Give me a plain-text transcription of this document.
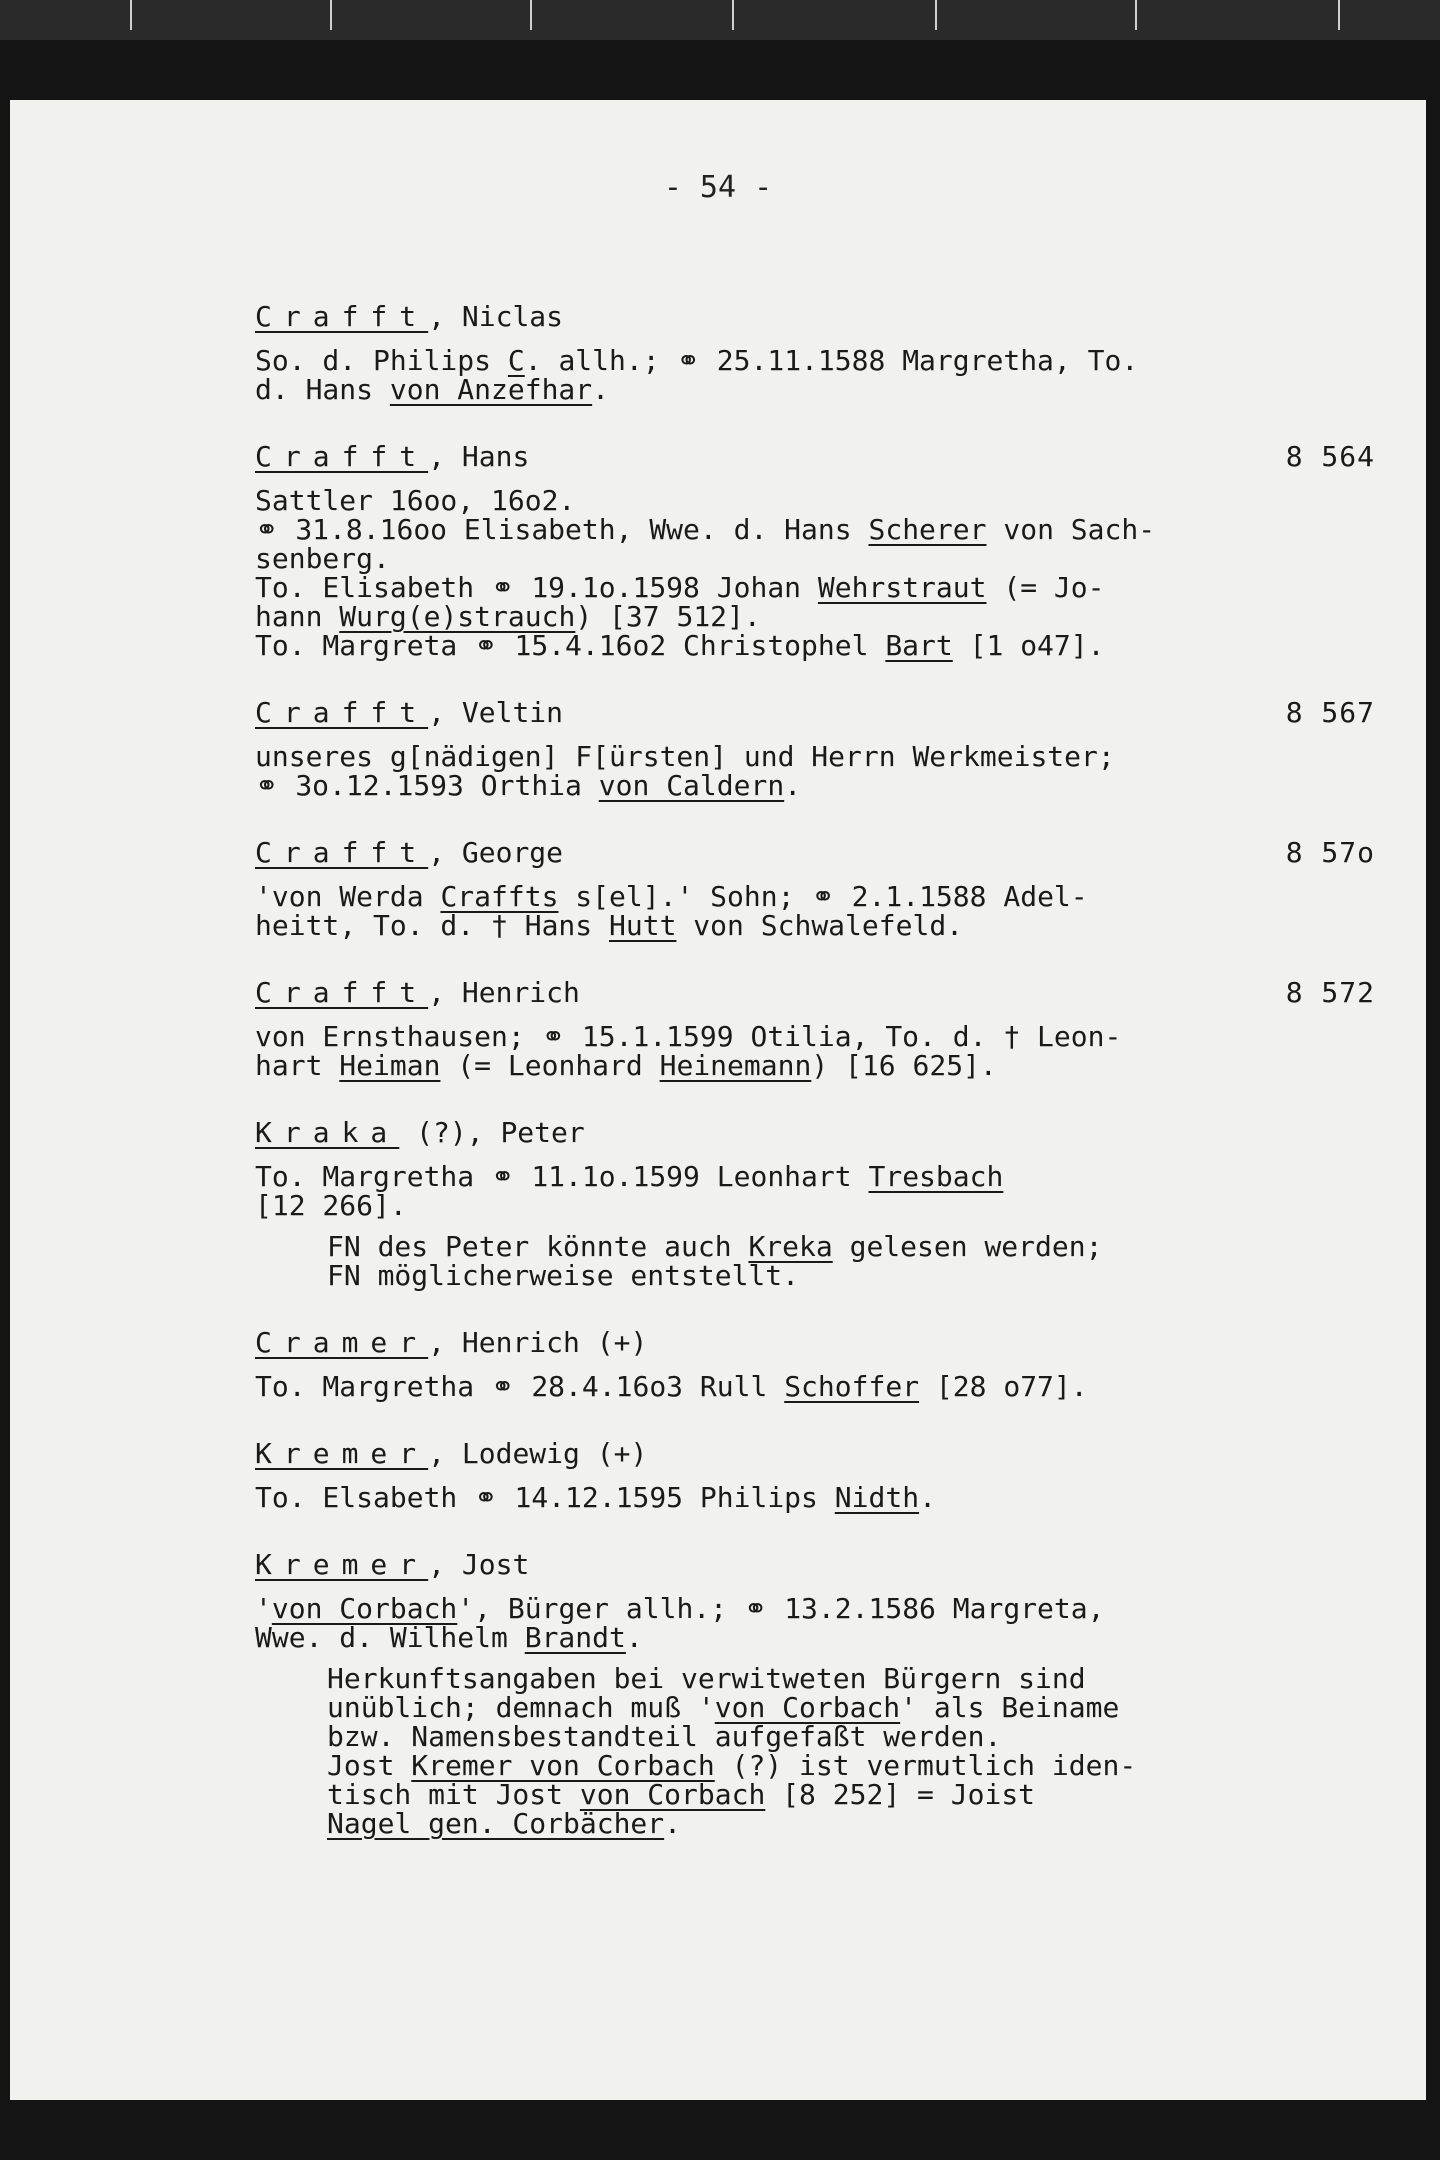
- 54 -
Crafft, Niclas
So. d. Philips C. allh.; ⚭ 25.11.1588 Margretha, To.
d. Hans von Anzefhar.
Crafft, Hans	8 564
Sattler 16oo, 16o2.
⚭ 31.8.16oo Elisabeth, Wwe. d. Hans Scherer von Sach-
senberg.
To. Elisabeth ⚭ 19.1o.1598 Johan Wehrstraut (= Jo-
hann Wurg(e)strauch) [37 512].
To. Margreta ⚭ 15.4.16o2 Christophel Bart [1 o47].
Crafft, Veltin	8 567
unseres g[nädigen] F[ürsten] und Herrn Werkmeister;
⚭ 3o.12.1593 Orthia von Caldern.
Crafft, George	8 57o
'von Werda Craffts s[el].' Sohn; ⚭ 2.1.1588 Adel-
heitt, To. d. † Hans Hutt von Schwalefeld.
Crafft, Henrich	8 572
von Ernsthausen; ⚭ 15.1.1599 Otilia, To. d. † Leon-
hart Heiman (= Leonhard Heinemann) [16 625].
Kraka (?), Peter
To. Margretha ⚭ 11.1o.1599 Leonhart Tresbach
[12 266].
FN des Peter könnte auch Kreka gelesen werden;
FN möglicherweise entstellt.
Cramer, Henrich (+)
To. Margretha ⚭ 28.4.16o3 Rull Schoffer [28 o77].
Kremer, Lodewig (+)
To. Elsabeth ⚭ 14.12.1595 Philips Nidth.
Kremer, Jost
'von Corbach', Bürger allh.; ⚭ 13.2.1586 Margreta,
Wwe. d. Wilhelm Brandt.
Herkunftsangaben bei verwitweten Bürgern sind
unüblich; demnach muß 'von Corbach' als Beiname
bzw. Namensbestandteil aufgefaßt werden.
Jost Kremer von Corbach (?) ist vermutlich iden-
tisch mit Jost von Corbach [8 252] = Joist
Nagel gen. Corbächer.
